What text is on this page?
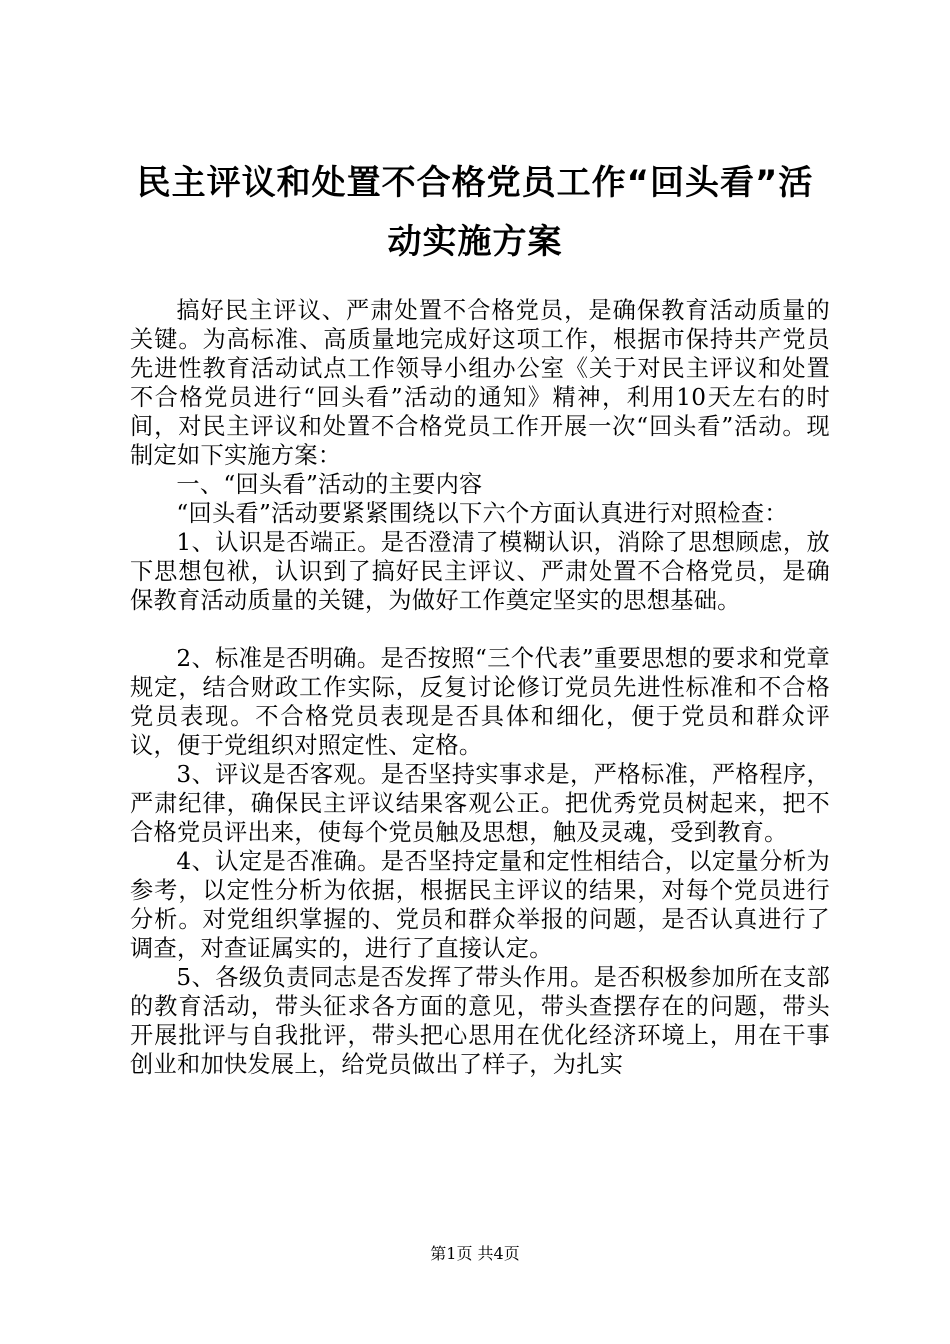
民主评议和处置不合格党员工作“回头看”活
动实施方案

搞好民主评议、严肃处置不合格党员，是确保教育活动质量的关键。为高标准、高质量地完成好这项工作，根据市保持共产党员先进性教育活动试点工作领导小组办公室《关于对民主评议和处置不合格党员进行“回头看”活动的通知》精神，利用10天左右的时间，对民主评议和处置不合格党员工作开展一次“回头看”活动。现制定如下实施方案：

一、“回头看”活动的主要内容

“回头看”活动要紧紧围绕以下六个方面认真进行对照检查：

1、认识是否端正。是否澄清了模糊认识，消除了思想顾虑，放下思想包袱，认识到了搞好民主评议、严肃处置不合格党员，是确保教育活动质量的关键，为做好工作奠定坚实的思想基础。

2、标准是否明确。是否按照“三个代表”重要思想的要求和党章规定，结合财政工作实际，反复讨论修订党员先进性标准和不合格党员表现。不合格党员表现是否具体和细化，便于党员和群众评议，便于党组织对照定性、定格。

3、评议是否客观。是否坚持实事求是，严格标准，严格程序，严肃纪律，确保民主评议结果客观公正。把优秀党员树起来，把不合格党员评出来，使每个党员触及思想，触及灵魂，受到教育。

4、认定是否准确。是否坚持定量和定性相结合，以定量分析为参考，以定性分析为依据，根据民主评议的结果，对每个党员进行分析。对党组织掌握的、党员和群众举报的问题，是否认真进行了调查，对查证属实的，进行了直接认定。

5、各级负责同志是否发挥了带头作用。是否积极参加所在支部的教育活动，带头征求各方面的意见，带头查摆存在的问题，带头开展批评与自我批评，带头把心思用在优化经济环境上，用在干事创业和加快发展上，给党员做出了样子，为扎实

第1页 共4页
